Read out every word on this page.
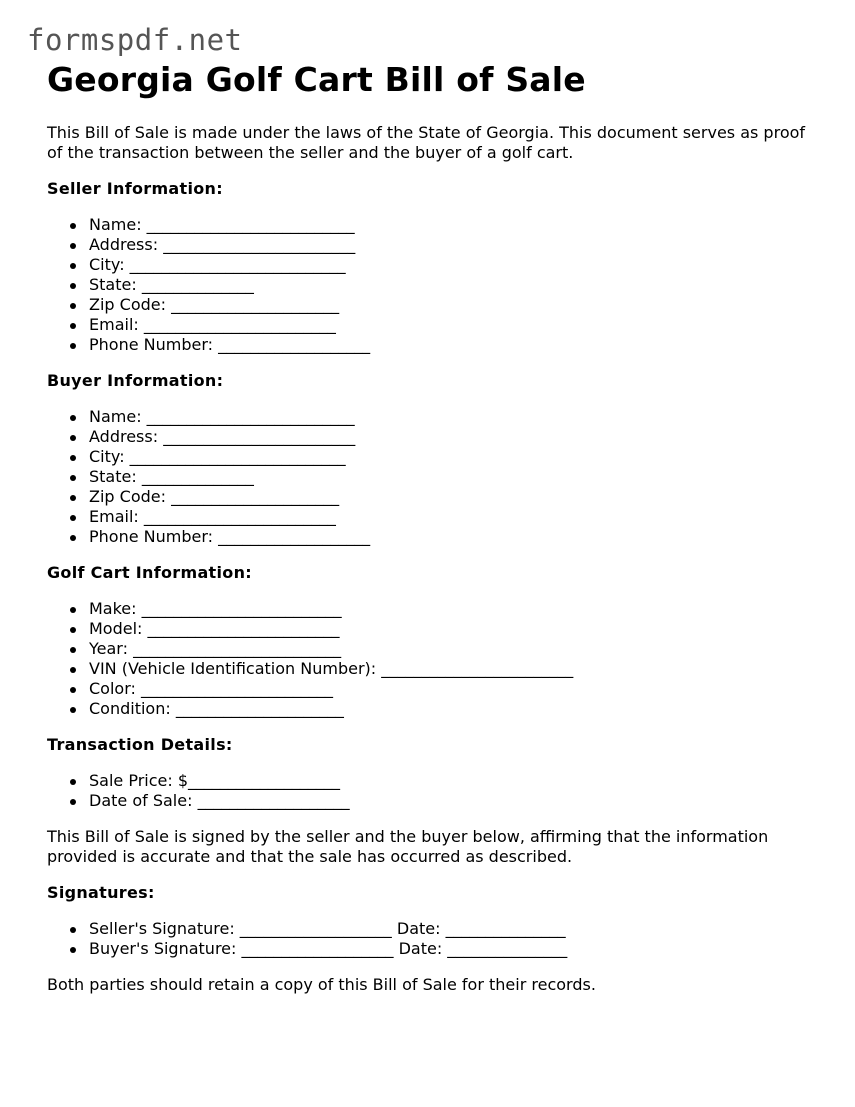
formspdf.net
Georgia Golf Cart Bill of Sale

This Bill of Sale is made under the laws of the State of Georgia. This document serves as proof of the transaction between the seller and the buyer of a golf cart.

Seller Information:
Name: __________________________
Address: ________________________
City: ___________________________
State: ______________
Zip Code: _____________________
Email: ________________________
Phone Number: ___________________
Buyer Information:
Name: __________________________
Address: ________________________
City: ___________________________
State: ______________
Zip Code: _____________________
Email: ________________________
Phone Number: ___________________
Golf Cart Information:
Make: _________________________
Model: ________________________
Year: __________________________
VIN (Vehicle Identification Number): ________________________
Color: ________________________
Condition: _____________________
Transaction Details:
Sale Price: $___________________
Date of Sale: ___________________

This Bill of Sale is signed by the seller and the buyer below, affirming that the information provided is accurate and that the sale has occurred as described.

Signatures:
Seller's Signature: ___________________ Date: _______________
Buyer's Signature: ___________________ Date: _______________

Both parties should retain a copy of this Bill of Sale for their records.
